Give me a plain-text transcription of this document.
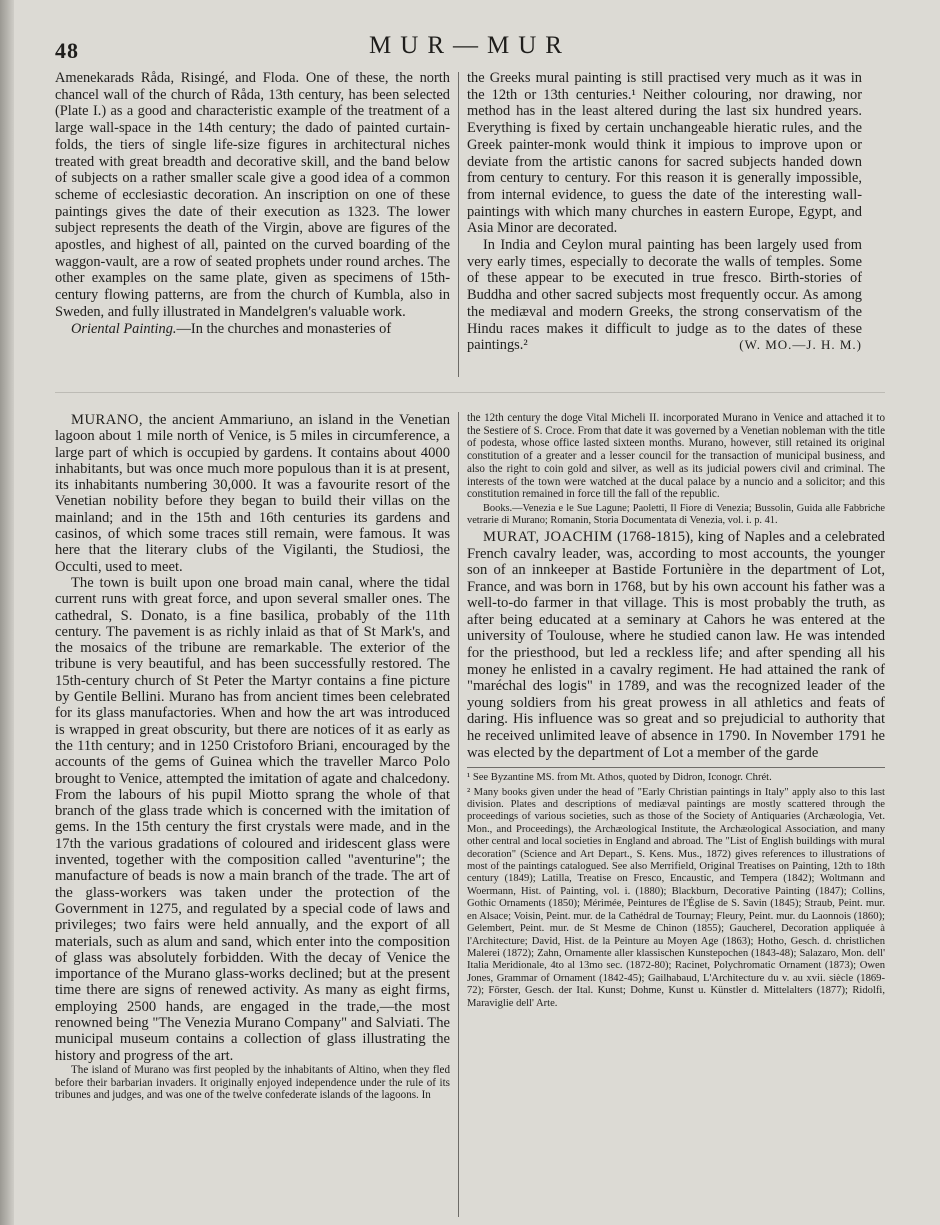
48	MUR—MUR

Amenekarads Råda, Risingé, and Floda. One of these, the north chancel wall of the church of Råda, 13th century, has been selected (Plate I.) as a good and characteristic example of the treatment of a large wall-space in the 14th century; the dado of painted curtain-folds, the tiers of single life-size figures in architectural niches treated with great breadth and decorative skill, and the band below of subjects on a rather smaller scale give a good idea of a common scheme of ecclesiastic decoration. An inscription on one of these paintings gives the date of their execution as 1323. The lower subject represents the death of the Virgin, above are figures of the apostles, and highest of all, painted on the curved boarding of the waggon-vault, are a row of seated prophets under round arches. The other examples on the same plate, given as specimens of 15th-century flowing patterns, are from the church of Kumbla, also in Sweden, and fully illustrated in Mandelgren's valuable work.

Oriental Painting.—In the churches and monasteries of

the Greeks mural painting is still practised very much as it was in the 12th or 13th centuries.¹ Neither colouring, nor drawing, nor method has in the least altered during the last six hundred years. Everything is fixed by certain unchangeable hieratic rules, and the Greek painter-monk would think it impious to improve upon or deviate from the artistic canons for sacred subjects handed down from century to century. For this reason it is generally impossible, from internal evidence, to guess the date of the interesting wall-paintings with which many churches in eastern Europe, Egypt, and Asia Minor are decorated.

In India and Ceylon mural painting has been largely used from very early times, especially to decorate the walls of temples. Some of these appear to be executed in true fresco. Birth-stories of Buddha and other sacred subjects most frequently occur. As among the mediæval and modern Greeks, the strong conservatism of the Hindu races makes it difficult to judge as to the dates of these paintings.²	(W. MO.—J. H. M.)

MURANO, the ancient Ammariuno, an island in the Venetian lagoon about 1 mile north of Venice, is 5 miles in circumference, a large part of which is occupied by gardens. It contains about 4000 inhabitants, but was once much more populous than it is at present, its inhabitants numbering 30,000. It was a favourite resort of the Venetian nobility before they began to build their villas on the mainland; and in the 15th and 16th centuries its gardens and casinos, of which some traces still remain, were famous. It was here that the literary clubs of the Vigilanti, the Studiosi, the Occulti, used to meet.

The town is built upon one broad main canal, where the tidal current runs with great force, and upon several smaller ones. The cathedral, S. Donato, is a fine basilica, probably of the 11th century. The pavement is as richly inlaid as that of St Mark's, and the mosaics of the tribune are remarkable. The exterior of the tribune is very beautiful, and has been successfully restored. The 15th-century church of St Peter the Martyr contains a fine picture by Gentile Bellini. Murano has from ancient times been celebrated for its glass manufactories. When and how the art was introduced is wrapped in great obscurity, but there are notices of it as early as the 11th century; and in 1250 Cristoforo Briani, encouraged by the accounts of the gems of Guinea which the traveller Marco Polo brought to Venice, attempted the imitation of agate and chalcedony. From the labours of his pupil Miotto sprang the whole of that branch of the glass trade which is concerned with the imitation of gems. In the 15th century the first crystals were made, and in the 17th the various gradations of coloured and iridescent glass were invented, together with the composition called "aventurine"; the manufacture of beads is now a main branch of the trade. The art of the glass-workers was taken under the protection of the Government in 1275, and regulated by a special code of laws and privileges; two fairs were held annually, and the export of all materials, such as alum and sand, which enter into the composition of glass was absolutely forbidden. With the decay of Venice the importance of the Murano glass-works declined; but at the present time there are signs of renewed activity. As many as eight firms, employing 2500 hands, are engaged in the trade,—the most renowned being "The Venezia Murano Company" and Salviati. The municipal museum contains a collection of glass illustrating the history and progress of the art.

The island of Murano was first peopled by the inhabitants of Altino, when they fled before their barbarian invaders. It originally enjoyed independence under the rule of its tribunes and judges, and was one of the twelve confederate islands of the lagoons. In

the 12th century the doge Vital Micheli II. incorporated Murano in Venice and attached it to the Sestiere of S. Croce. From that date it was governed by a Venetian nobleman with the title of podesta, whose office lasted sixteen months. Murano, however, still retained its original constitution of a greater and a lesser council for the transaction of municipal business, and also the right to coin gold and silver, as well as its judicial powers civil and criminal. The interests of the town were watched at the ducal palace by a nuncio and a solicitor; and this constitution remained in force till the fall of the republic.

Books.—Venezia e le Sue Lagune; Paoletti, Il Fiore di Venezia; Bussolin, Guida alle Fabbriche vetrarie di Murano; Romanin, Storia Documentata di Venezia, vol. i. p. 41.

MURAT, JOACHIM (1768-1815), king of Naples and a celebrated French cavalry leader, was, according to most accounts, the younger son of an innkeeper at Bastide Fortunière in the department of Lot, France, and was born in 1768, but by his own account his father was a well-to-do farmer in that village. This is most probably the truth, as after being educated at a seminary at Cahors he was entered at the university of Toulouse, where he studied canon law. He was intended for the priesthood, but led a reckless life; and after spending all his money he enlisted in a cavalry regiment. He had attained the rank of "maréchal des logis" in 1789, and was the recognized leader of the young soldiers from his great prowess in all athletics and feats of daring. His influence was so great and so prejudicial to authority that he received unlimited leave of absence in 1790. In November 1791 he was elected by the department of Lot a member of the garde

¹ See Byzantine MS. from Mt. Athos, quoted by Didron, Iconogr. Chrét.

² Many books given under the head of "Early Christian paintings in Italy" apply also to this last division. Plates and descriptions of mediæval paintings are mostly scattered through the proceedings of various societies, such as those of the Society of Antiquaries (Archæologia, Vet. Mon., and Proceedings), the Archæological Institute, the Archæological Association, and many other central and local societies in England and abroad. The "List of English buildings with mural decoration" (Science and Art Depart., S. Kens. Mus., 1872) gives references to illustrations of most of the paintings catalogued. See also Merrifield, Original Treatises on Painting, 12th to 18th century (1849); Latilla, Treatise on Fresco, Encaustic, and Tempera (1842); Woltmann and Woermann, Hist. of Painting, vol. i. (1880); Blackburn, Decorative Painting (1847); Collins, Gothic Ornaments (1850); Mérimée, Peintures de l'Église de S. Savin (1845); Straub, Peint. mur. en Alsace; Voisin, Peint. mur. de la Cathédral de Tournay; Fleury, Peint. mur. du Laonnois (1860); Gelembert, Peint. mur. de St Mesme de Chinon (1855); Gaucherel, Decoration appliquée à l'Architecture; David, Hist. de la Peinture au Moyen Age (1863); Hotho, Gesch. d. christlichen Malerei (1872); Zahn, Ornamente aller klassischen Kunstepochen (1843-48); Salazaro, Mon. dell' Italia Meridionale, 4to al 13mo sec. (1872-80); Racinet, Polychromatic Ornament (1873); Owen Jones, Grammar of Ornament (1842-45); Gailhabaud, L'Architecture du v. au xvii. siècle (1869-72); Förster, Gesch. der Ital. Kunst; Dohme, Kunst u. Künstler d. Mittelalters (1877); Ridolfi, Maraviglie dell' Arte.
